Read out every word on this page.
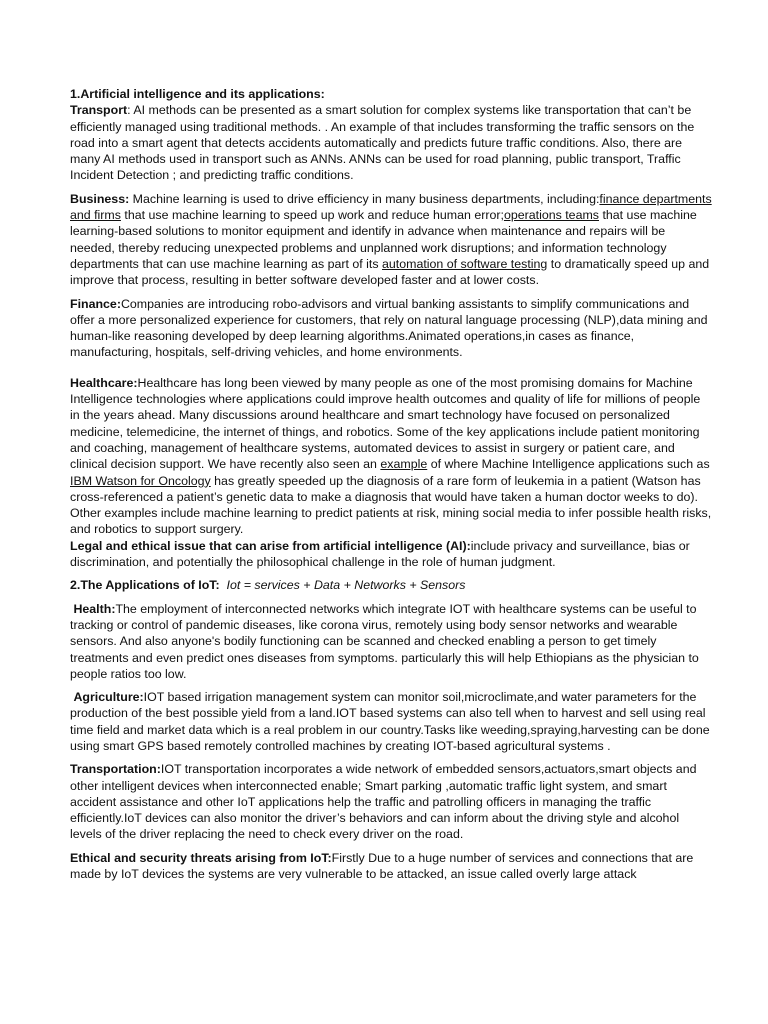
1.Artificial intelligence and its applications:
Transport: AI methods can be presented as a smart solution for complex systems like transportation that can’t be efficiently managed using traditional methods. . An example of that includes transforming the traffic sensors on the road into a smart agent that detects accidents automatically and predicts future traffic conditions. Also, there are many AI methods used in transport such as ANNs. ANNs can be used for road planning, public transport, Traffic Incident Detection ; and predicting traffic conditions.
Business: Machine learning is used to drive efficiency in many business departments, including:finance departments and firms that use machine learning to speed up work and reduce human error;operations teams that use machine learning-based solutions to monitor equipment and identify in advance when maintenance and repairs will be needed, thereby reducing unexpected problems and unplanned work disruptions; and information technology departments that can use machine learning as part of its automation of software testing to dramatically speed up and improve that process, resulting in better software developed faster and at lower costs.
Finance:Companies are introducing robo-advisors and virtual banking assistants to simplify communications and offer a more personalized experience for customers, that rely on natural language processing (NLP),data mining and human-like reasoning developed by deep learning algorithms.Animated operations,in cases as finance, manufacturing, hospitals, self-driving vehicles, and home environments.
Healthcare:Healthcare has long been viewed by many people as one of the most promising domains for Machine Intelligence technologies where applications could improve health outcomes and quality of life for millions of people in the years ahead. Many discussions around healthcare and smart technology have focused on personalized medicine, telemedicine, the internet of things, and robotics. Some of the key applications include patient monitoring and coaching, management of healthcare systems, automated devices to assist in surgery or patient care, and clinical decision support. We have recently also seen an example of where Machine Intelligence applications such as IBM Watson for Oncology has greatly speeded up the diagnosis of a rare form of leukemia in a patient (Watson has cross-referenced a patient’s genetic data to make a diagnosis that would have taken a human doctor weeks to do). Other examples include machine learning to predict patients at risk, mining social media to infer possible health risks, and robotics to support surgery.
Legal and ethical issue that can arise from artificial intelligence (AI):include privacy and surveillance, bias or discrimination, and potentially the philosophical challenge in the role of human judgment.
2.The Applications of IoT: Iot = services + Data + Networks + Sensors
Health:The employment of interconnected networks which integrate IOT with healthcare systems can be useful to tracking or control of pandemic diseases, like corona virus, remotely using body sensor networks and wearable sensors. And also anyone's bodily functioning can be scanned and checked enabling a person to get timely treatments and even predict ones diseases from symptoms. particularly this will help Ethiopians as the physician to people ratios too low.
Agriculture:IOT based irrigation management system can monitor soil,microclimate,and water parameters for the production of the best possible yield from a land.IOT based systems can also tell when to harvest and sell using real time field and market data which is a real problem in our country.Tasks like weeding,spraying,harvesting can be done using smart GPS based remotely controlled machines by creating IOT-based agricultural systems .
Transportation:IOT transportation incorporates a wide network of embedded sensors,actuators,smart objects and other intelligent devices when interconnected enable; Smart parking ,automatic traffic light system, and smart accident assistance and other IoT applications help the traffic and patrolling officers in managing the traffic efficiently.IoT devices can also monitor the driver’s behaviors and can inform about the driving style and alcohol levels of the driver replacing the need to check every driver on the road.
Ethical and security threats arising from IoT:Firstly Due to a huge number of services and connections that are made by IoT devices the systems are very vulnerable to be attacked, an issue called overly large attack
